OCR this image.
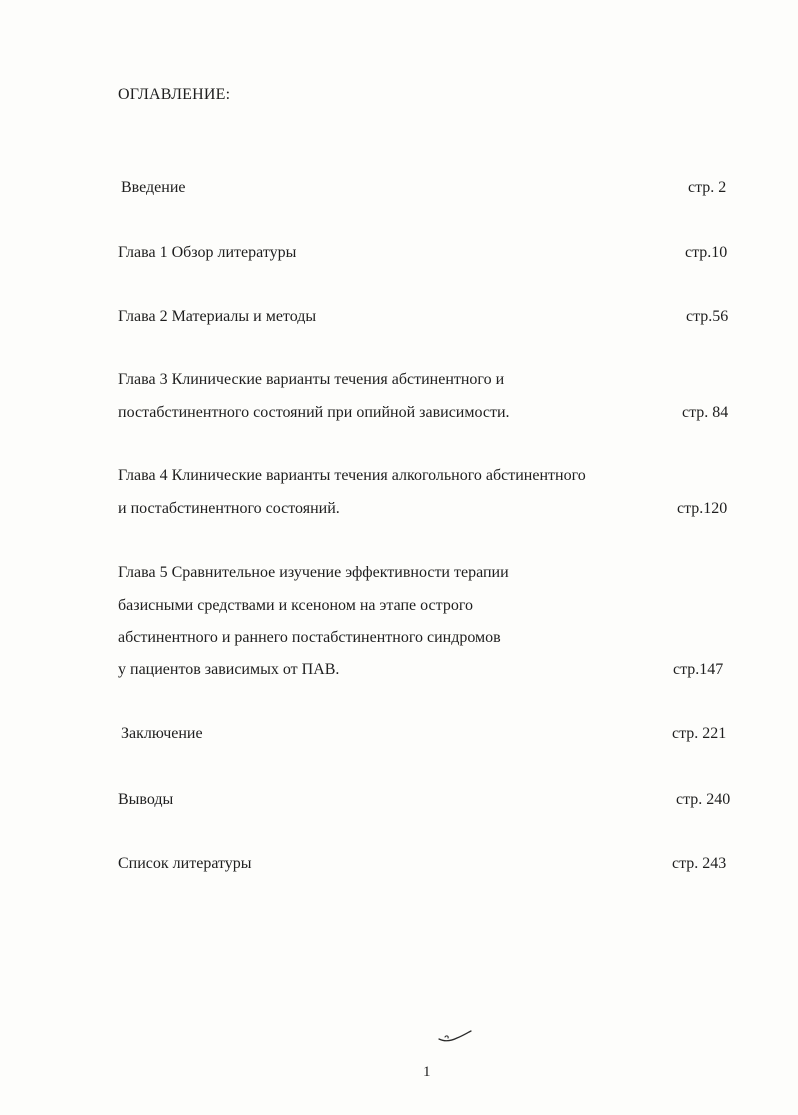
ОГЛАВЛЕНИЕ:
Введение	стр. 2
Глава 1 Обзор литературы	стр.10
Глава 2 Материалы и методы	стр.56
Глава 3 Клинические варианты течения абстинентного и
постабстинентного состояний при опийной зависимости.	стр. 84
Глава 4 Клинические варианты течения алкогольного абстинентного
и постабстинентного состояний.	стр.120
Глава 5 Сравнительное изучение эффективности терапии
базисными средствами и ксеноном на этапе острого
абстинентного и раннего постабстинентного синдромов
у пациентов зависимых от ПАВ.	стр.147
Заключение	стр. 221
Выводы	стр. 240
Список литературы	стр. 243
1
